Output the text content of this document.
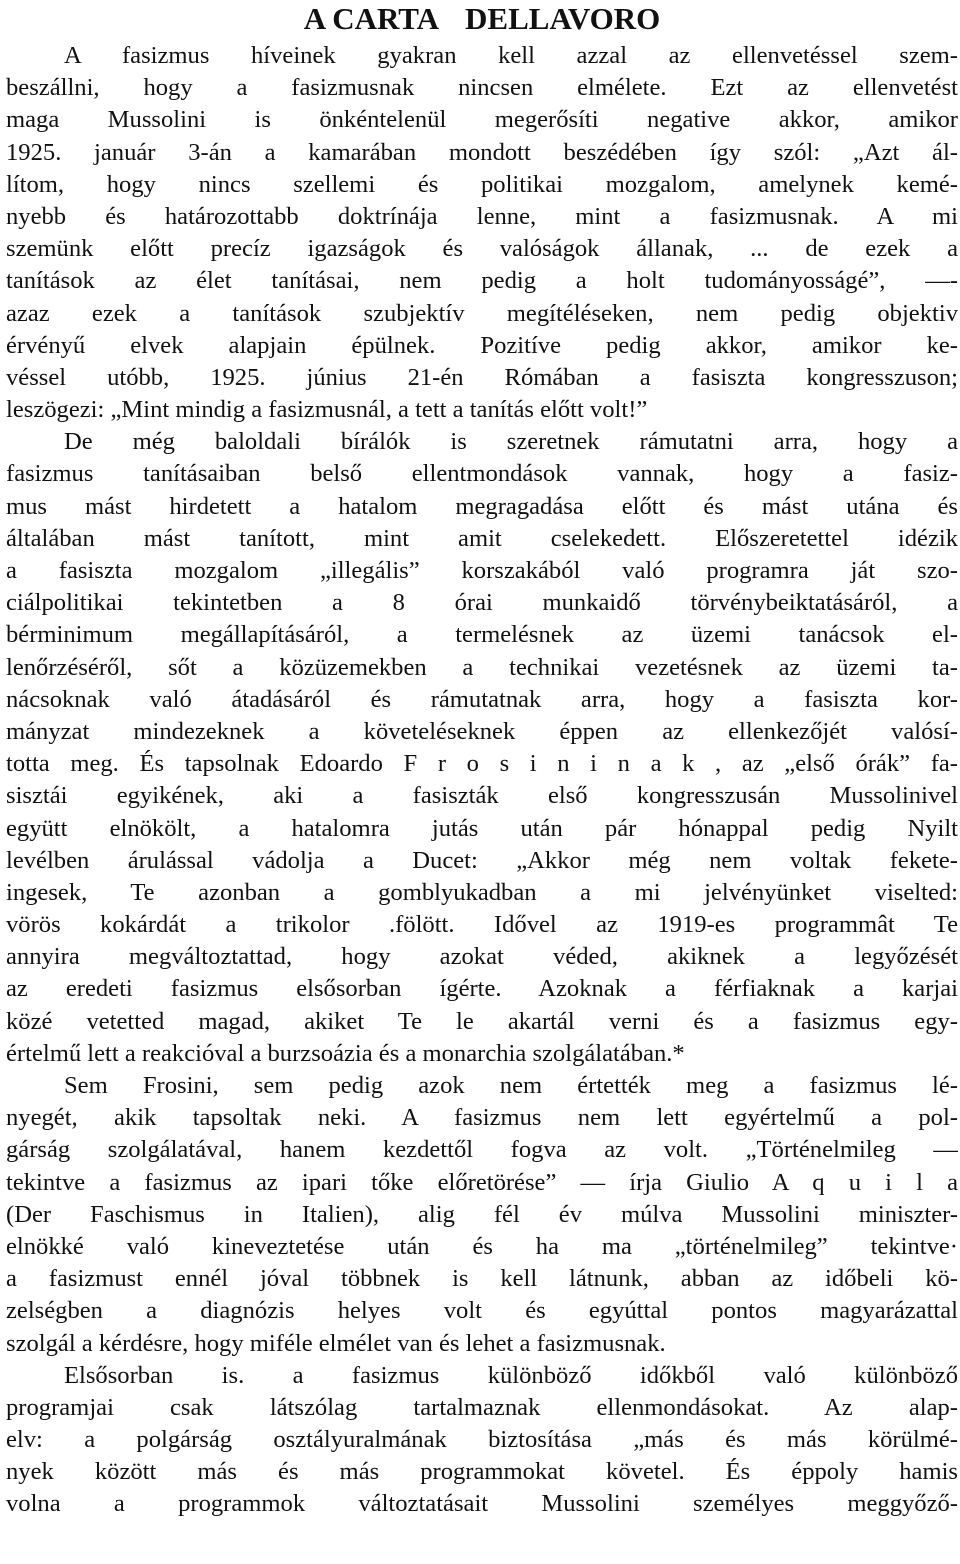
A CARTA DELLAVORO
A fasizmus híveinek gyakran kell azzal az ellenvetéssel szem-
beszállni, hogy a fasizmusnak nincsen elmélete. Ezt az ellenvetést
maga Mussolini is önkéntelenül megerősíti negative akkor, amikor
1925. január 3-án a kamarában mondott beszédében így szól: „Azt ál-
lítom, hogy nincs szellemi és politikai mozgalom, amelynek kemé-
nyebb és határozottabb doktrínája lenne, mint a fasizmusnak. A mi
szemünk előtt precíz igazságok és valóságok állanak, ... de ezek a
tanítások az élet tanításai, nem pedig a holt tudományosságé”, —-
azaz ezek a tanítások szubjektív megítéléseken, nem pedig objektiv
érvényű elvek alapjain épülnek. Pozitíve pedig akkor, amikor ke-
véssel utóbb, 1925. június 21-én Rómában a fasiszta kongresszuson;
leszögezi: „Mint mindig a fasizmusnál, a tett a tanítás előtt volt!”
De még baloldali bírálók is szeretnek rámutatni arra, hogy a
fasizmus tanításaiban belső ellentmondások vannak, hogy a fasiz-
mus mást hirdetett a hatalom megragadása előtt és mást utána és
általában mást tanított, mint amit cselekedett. Előszeretettel idézik
a fasiszta mozgalom „illegális” korszakából való programra ját szo-
ciálpolitikai tekintetben a 8 órai munkaidő törvénybeiktatásáról, a
bérminimum megállapításáról, a termelésnek az üzemi tanácsok el-
lenőrzéséről, sőt a közüzemekben a technikai vezetésnek az üzemi ta-
nácsoknak való átadásáról és rámutatnak arra, hogy a fasiszta kor-
mányzat mindezeknek a követeléseknek éppen az ellenkezőjét valósí-
totta meg. És tapsolnak Edoardo F r o s i n i n a k , az „első órák” fa-
sisztái egyikének, aki a fasiszták első kongresszusán Mussolinivel
együtt elnökölt, a hatalomra jutás után pár hónappal pedig Nyilt
levélben árulással vádolja a Ducet: „Akkor még nem voltak fekete-
ingesek, Te azonban a gomblyukadban a mi jelvényünket viselted:
vörös kokárdát a trikolor .fölött. Idővel az 1919-es programmât Te
annyira megváltoztattad, hogy azokat véded, akiknek a legyőzését
az eredeti fasizmus elsősorban ígérte. Azoknak a férfiaknak a karjai
közé vetetted magad, akiket Te le akartál verni és a fasizmus egy-
értelmű lett a reakcióval a burzsoázia és a monarchia szolgálatában.*
Sem Frosini, sem pedig azok nem értették meg a fasizmus lé-
nyegét, akik tapsoltak neki. A fasizmus nem lett egyértelmű a pol-
gárság szolgálatával, hanem kezdettől fogva az volt. „Történelmileg —
tekintve a fasizmus az ipari tőke előretörése” — írja Giulio A q u i l a
(Der Faschismus in Italien), alig fél év múlva Mussolini miniszter-
elnökké való kineveztetése után és ha ma „történelmileg” tekintve·
a fasizmust ennél jóval többnek is kell látnunk, abban az időbeli kö-
zelségben a diagnózis helyes volt és egyúttal pontos magyarázattal
szolgál a kérdésre, hogy miféle elmélet van és lehet a fasizmusnak.
Elsősorban is. a fasizmus különböző időkből való különböző
programjai csak látszólag tartalmaznak ellenmondásokat. Az alap-
elv: a polgárság osztályuralmának biztosítása „más és más körülmé-
nyek között más és más programmokat követel. És éppoly hamis
volna a programmok változtatásait Mussolini személyes meggyőző-
